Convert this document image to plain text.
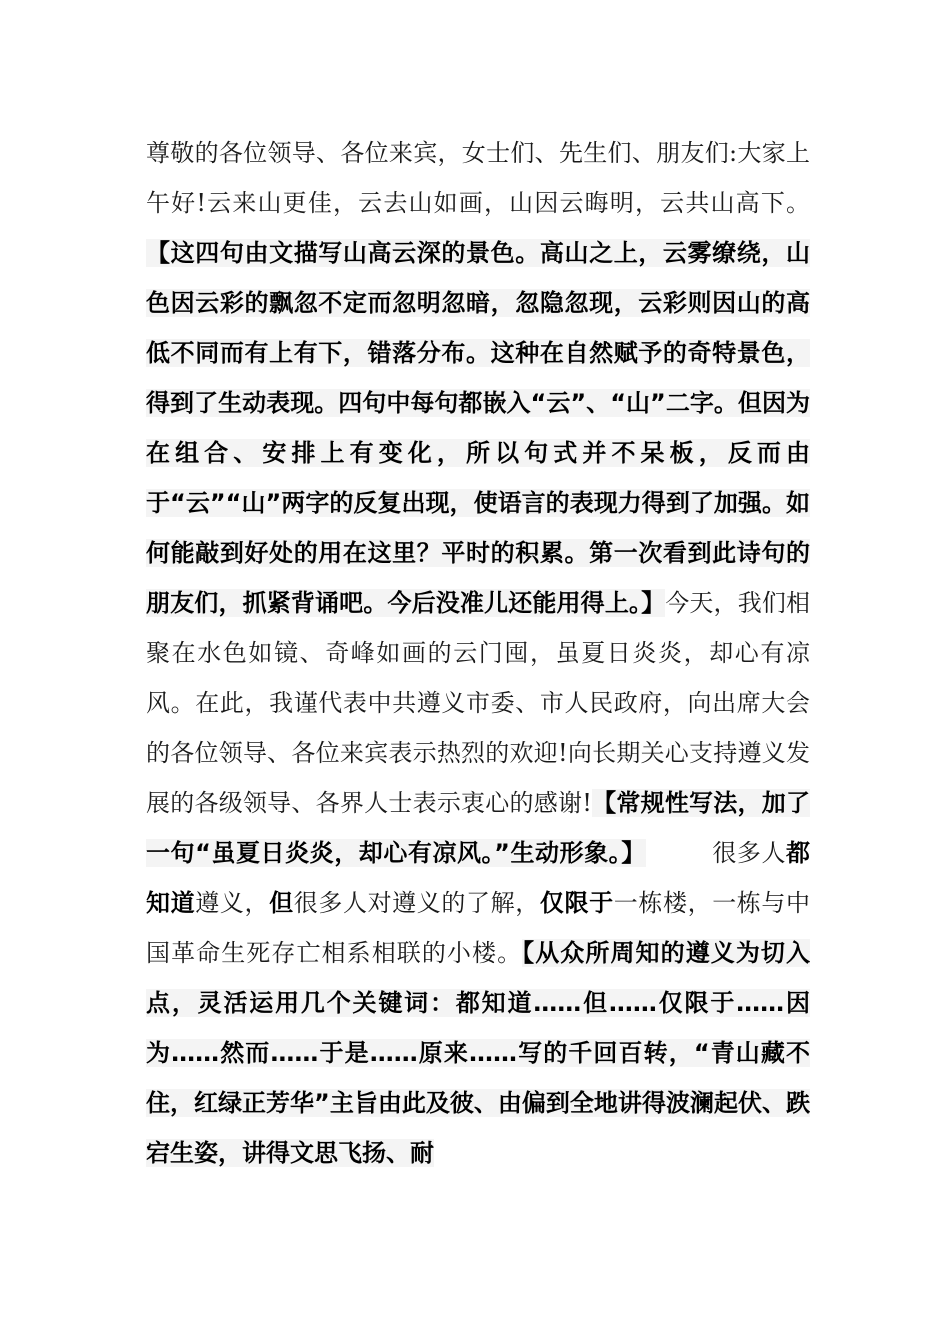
尊敬的各位领导、各位来宾，女士们、先生们、朋友们:大家上午好!云来山更佳，云去山如画，山因云晦明，云共山高下。【这四句由文描写山高云深的景色。高山之上，云雾缭绕，山色因云彩的飘忽不定而忽明忽暗，忽隐忽现，云彩则因山的高低不同而有上有下，错落分布。这种在自然赋予的奇特景色，得到了生动表现。四句中每句都嵌入“云”、“山”二字。但因为在组合、安排上有变化，所以句式并不呆板，反而由于“云”“山”两字的反复出现，使语言的表现力得到了加强。如何能敲到好处的用在这里？平时的积累。第一次看到此诗句的朋友们，抓紧背诵吧。今后没准儿还能用得上。】今天，我们相聚在水色如镜、奇峰如画的云门囤，虽夏日炎炎，却心有凉风。在此，我谨代表中共遵义市委、市人民政府，向出席大会的各位领导、各位来宾表示热烈的欢迎!向长期关心支持遵义发展的各级领导、各界人士表示衷心的感谢!【常规性写法，加了一句“虽夏日炎炎，却心有凉风。”生动形象。】	很多人都知道遵义，但很多人对遵义的了解，仅限于一栋楼，一栋与中国革命生死存亡相系相联的小楼。【从众所周知的遵义为切入点，灵活运用几个关键词：都知道……但……仅限于……因为……然而……于是……原来……写的千回百转，“青山藏不住，红绿正芳华”主旨由此及彼、由偏到全地讲得波澜起伏、跌宕生姿，讲得文思飞扬、耐
